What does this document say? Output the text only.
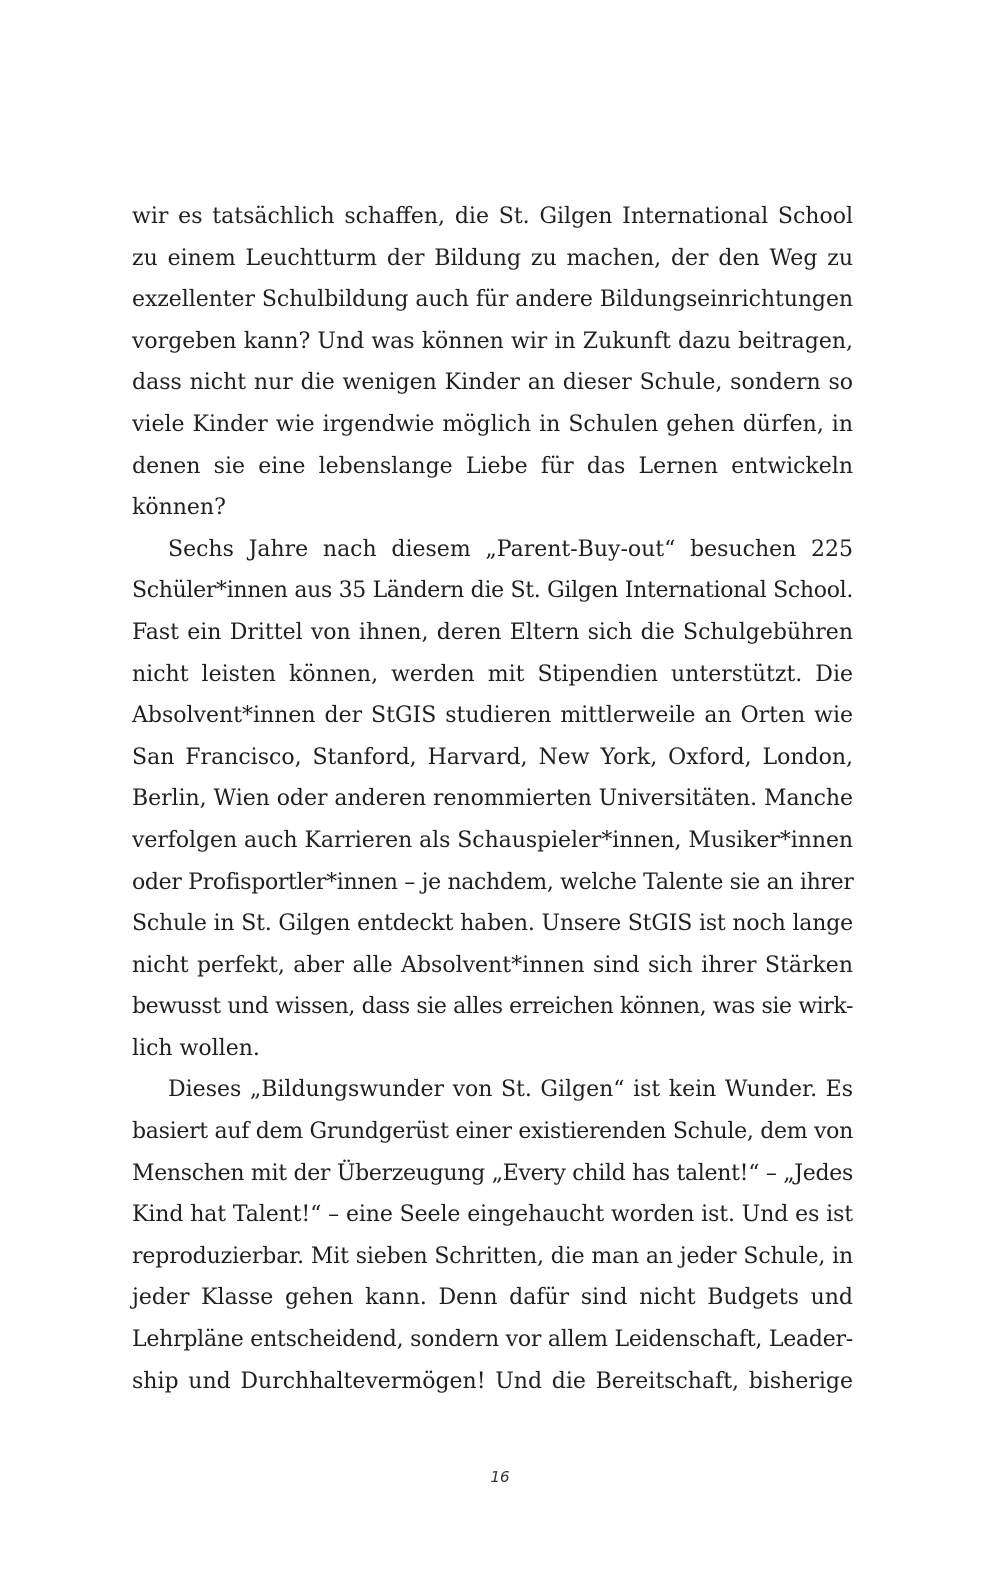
wir es tatsächlich schaffen, die St. Gilgen International School
zu einem Leuchtturm der Bildung zu machen, der den Weg zu
exzellenter Schulbildung auch für andere Bildungseinrichtungen
vorgeben kann? Und was können wir in Zukunft dazu beitragen,
dass nicht nur die wenigen Kinder an dieser Schule, sondern so
viele Kinder wie irgendwie möglich in Schulen gehen dürfen, in
denen sie eine lebenslange Liebe für das Lernen entwickeln
können?

Sechs Jahre nach diesem „Parent-Buy-out“ besuchen 225
Schüler*innen aus 35 Ländern die St. Gilgen International School.
Fast ein Drittel von ihnen, deren Eltern sich die Schulgebühren
nicht leisten können, werden mit Stipendien unterstützt. Die
Absolvent*innen der StGIS studieren mittlerweile an Orten wie
San Francisco, Stanford, Harvard, New York, Oxford, London,
Berlin, Wien oder anderen renommierten Universitäten. Manche
verfolgen auch Karrieren als Schauspieler*innen, Musiker*innen
oder Profisportler*innen – je nachdem, welche Talente sie an ihrer
Schule in St. Gilgen entdeckt haben. Unsere StGIS ist noch lange
nicht perfekt, aber alle Absolvent*innen sind sich ihrer Stärken
bewusst und wissen, dass sie alles erreichen können, was sie wirk-
lich wollen.

Dieses „Bildungswunder von St. Gilgen“ ist kein Wunder. Es
basiert auf dem Grundgerüst einer existierenden Schule, dem von
Menschen mit der Überzeugung „Every child has talent!“ – „Jedes
Kind hat Talent!“ – eine Seele eingehaucht worden ist. Und es ist
reproduzierbar. Mit sieben Schritten, die man an jeder Schule, in
jeder Klasse gehen kann. Denn dafür sind nicht Budgets und
Lehrpläne entscheidend, sondern vor allem Leidenschaft, Leader-
ship und Durchhaltevermögen! Und die Bereitschaft, bisherige

16
